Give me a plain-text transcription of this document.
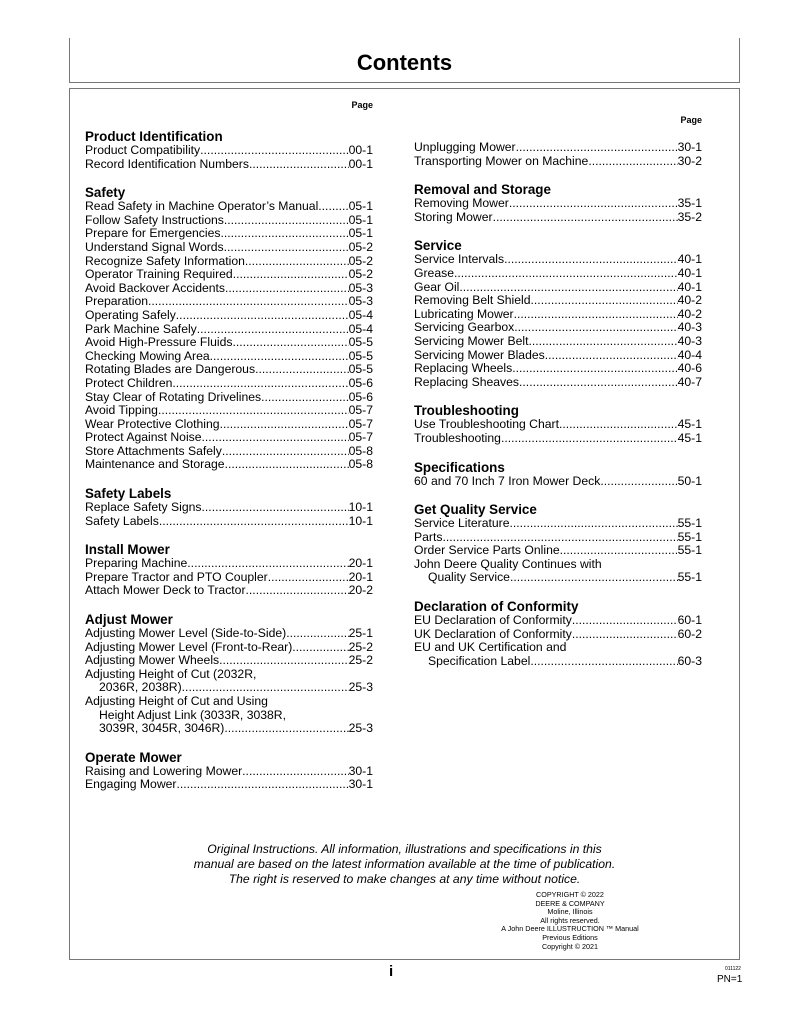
Contents
Page
Product Identification
Product Compatibility .....	00-1
Record Identification Numbers .....	00-1
Safety
Read Safety in Machine Operator’s Manual ..... 05-1
Follow Safety Instructions .....	05-1
Prepare for Emergencies .....	05-1
Understand Signal Words .....	05-2
Recognize Safety Information .....	05-2
Operator Training Required .....	05-2
Avoid Backover Accidents .....	05-3
Preparation .....	05-3
Operating Safely .....	05-4
Park Machine Safely .....	05-4
Avoid High-Pressure Fluids .....	05-5
Checking Mowing Area .....	05-5
Rotating Blades are Dangerous .....	05-5
Protect Children .....	05-6
Stay Clear of Rotating Drivelines .....	05-6
Avoid Tipping .....	05-7
Wear Protective Clothing .....	05-7
Protect Against Noise .....	05-7
Store Attachments Safely .....	05-8
Maintenance and Storage .....	05-8
Safety Labels
Replace Safety Signs .....	10-1
Safety Labels .....	10-1
Install Mower
Preparing Machine .....	20-1
Prepare Tractor and PTO Coupler .....	20-1
Attach Mower Deck to Tractor .....	20-2
Adjust Mower
Adjusting Mower Level (Side-to-Side) .....	25-1
Adjusting Mower Level (Front-to-Rear) .....	25-2
Adjusting Mower Wheels .....	25-2
Adjusting Height of Cut (2032R,
2036R, 2038R) .....	25-3
Adjusting Height of Cut and Using
Height Adjust Link (3033R, 3038R,
3039R, 3045R, 3046R) .....	25-3
Operate Mower
Raising and Lowering Mower .....	30-1
Engaging Mower .....	30-1
Page
Unplugging Mower .....	30-1
Transporting Mower on Machine .....	30-2
Removal and Storage
Removing Mower .....	35-1
Storing Mower .....	35-2
Service
Service Intervals .....	40-1
Grease .....	40-1
Gear Oil .....	40-1
Removing Belt Shield .....	40-2
Lubricating Mower .....	40-2
Servicing Gearbox .....	40-3
Servicing Mower Belt .....	40-3
Servicing Mower Blades .....	40-4
Replacing Wheels .....	40-6
Replacing Sheaves .....	40-7
Troubleshooting
Use Troubleshooting Chart .....	45-1
Troubleshooting .....	45-1
Specifications
60 and 70 Inch 7 Iron Mower Deck .....	50-1
Get Quality Service
Service Literature .....	55-1
Parts .....	55-1
Order Service Parts Online .....	55-1
John Deere Quality Continues with
Quality Service .....	55-1
Declaration of Conformity
EU Declaration of Conformity .....	60-1
UK Declaration of Conformity .....	60-2
EU and UK Certification and
Specification Label .....	60-3
Original Instructions. All information, illustrations and specifications in this
manual are based on the latest information available at the time of publication.
The right is reserved to make changes at any time without notice.
COPYRIGHT © 2022
DEERE & COMPANY
Moline, Illinois
All rights reserved.
A John Deere ILLUSTRUCTION ™ Manual
Previous Editions
Copyright © 2021
i	011122
PN=1
